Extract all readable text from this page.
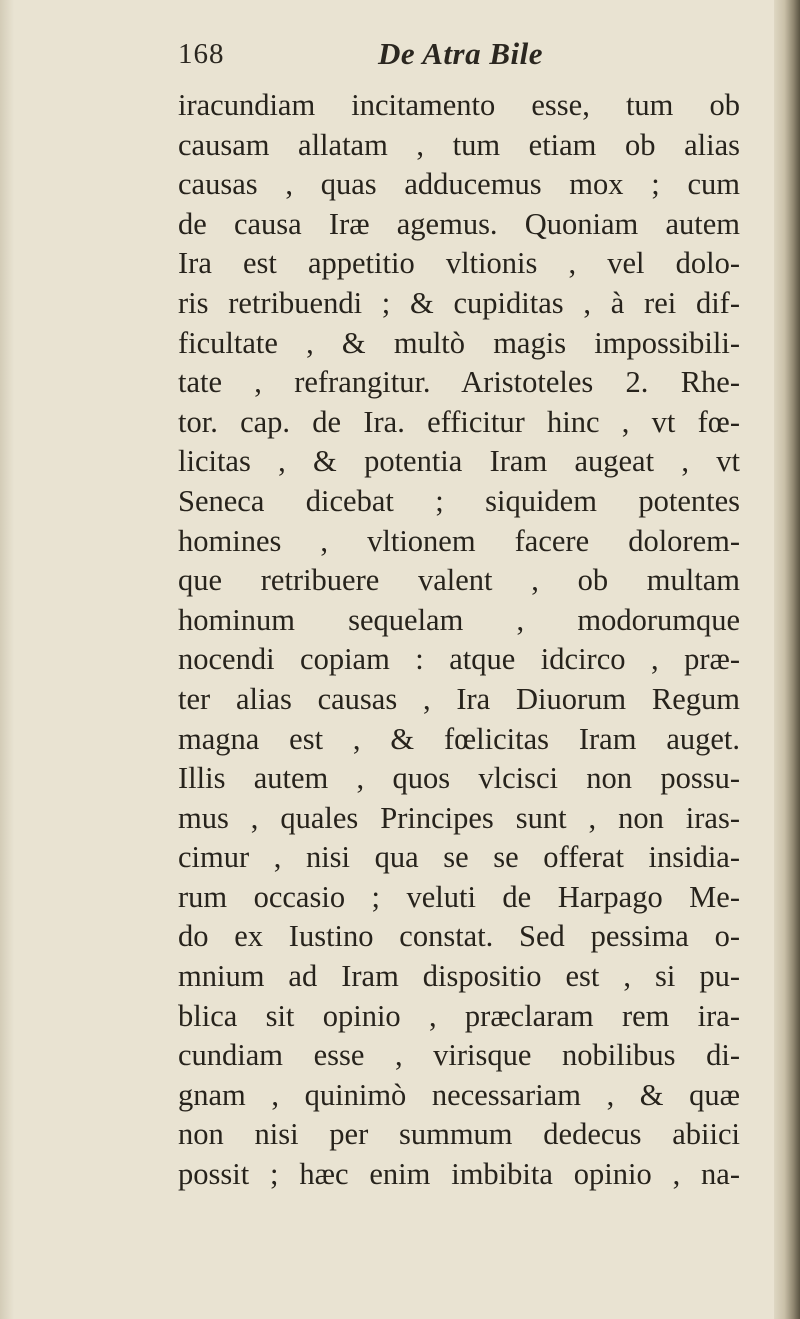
168	De Atra Bile
iracundiam incitamento esse, tum ob
causam allatam , tum etiam ob alias
causas , quas adducemus mox ; cum
de causa Iræ agemus. Quoniam autem
Ira est appetitio vltionis , vel dolo-
ris retribuendi ; & cupiditas , à rei dif-
ficultate , & multò magis impossibili-
tate , refrangitur. Aristoteles 2. Rhe-
tor. cap. de Ira. efficitur hinc , vt fœ-
licitas , & potentia Iram augeat , vt
Seneca dicebat ; siquidem potentes
homines , vltionem facere dolorem-
que retribuere valent , ob multam
hominum sequelam , modorumque
nocendi copiam : atque idcirco , præ-
ter alias causas , Ira Diuorum Regum
magna est , & fœlicitas Iram auget.
Illis autem , quos vlcisci non possu-
mus , quales Principes sunt , non iras-
cimur , nisi qua se se offerat insidia-
rum occasio ; veluti de Harpago Me-
do ex Iustino constat. Sed pessima o-
mnium ad Iram dispositio est , si pu-
blica sit opinio , præclaram rem ira-
cundiam esse , virisque nobilibus di-
gnam , quinimò necessariam , & quæ
non nisi per summum dedecus abiici
possit ; hæc enim imbibita opinio , na-
